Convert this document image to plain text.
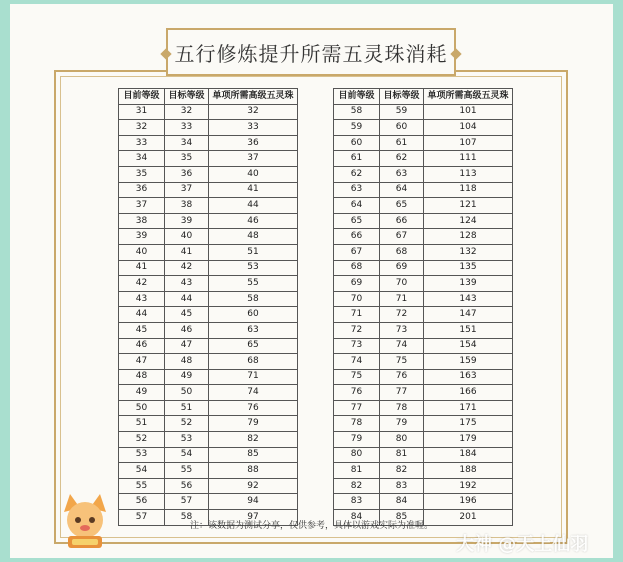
五行修炼提升所需五灵珠消耗
目前等级	目标等级	单项所需高级五灵珠
31	32	32
32	33	33
33	34	36
34	35	37
35	36	40
36	37	41
37	38	44
38	39	46
39	40	48
40	41	51
41	42	53
42	43	55
43	44	58
44	45	60
45	46	63
46	47	65
47	48	68
48	49	71
49	50	74
50	51	76
51	52	79
52	53	82
53	54	85
54	55	88
55	56	92
56	57	94
57	58	97
目前等级	目标等级	单项所需高级五灵珠
58	59	101
59	60	104
60	61	107
61	62	111
62	63	113
63	64	118
64	65	121
65	66	124
66	67	128
67	68	132
68	69	135
69	70	139
70	71	143
71	72	147
72	73	151
73	74	154
74	75	159
75	76	163
76	77	166
77	78	171
78	79	175
79	80	179
80	81	184
81	82	188
82	83	192
83	84	196
84	85	201
注：该数据为测试分享，仅供参考，具体以游戏实际为准喔。
大神 @天上仙羽
